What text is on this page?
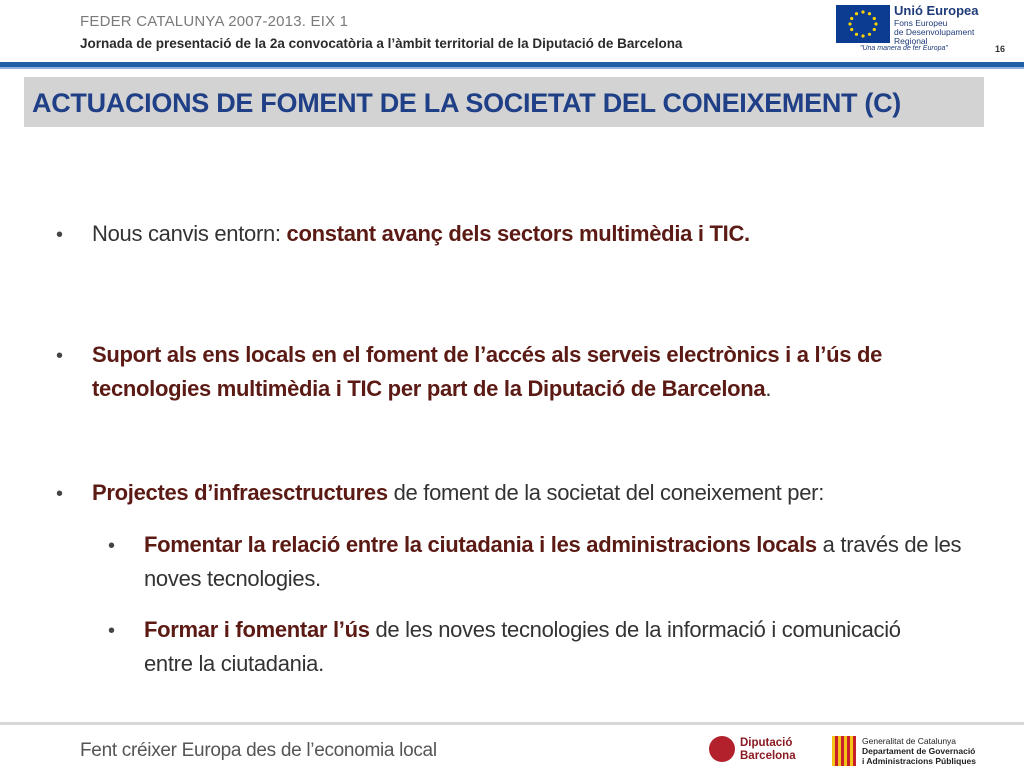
FEDER CATALUNYA 2007-2013. EIX 1
Jornada de presentació de la 2a convocatòria a l’àmbit territorial de la Diputació de Barcelona
Unió Europea
Fons Europeu
de Desenvolupament
Regional
"Una manera de fer Europa"	16
ACTUACIONS DE FOMENT DE LA SOCIETAT DEL CONEIXEMENT (C)
• Nous canvis entorn: constant avanç dels sectors multimèdia i TIC.
• Suport als ens locals en el foment de l’accés als serveis electrònics i a l’ús de tecnologies multimèdia i TIC per part de la Diputació de Barcelona.
• Projectes d’infraesctructures de foment de la societat del coneixement per:
• Fomentar la relació entre la ciutadania i les administracions locals a través de les noves tecnologies.
• Formar i fomentar l’ús de les noves tecnologies de la informació i comunicació entre la ciutadania.
Fent créixer Europa des de l’economia local	Diputació
Barcelona
Generalitat de Catalunya
Departament de Governació
i Administracions Públiques
